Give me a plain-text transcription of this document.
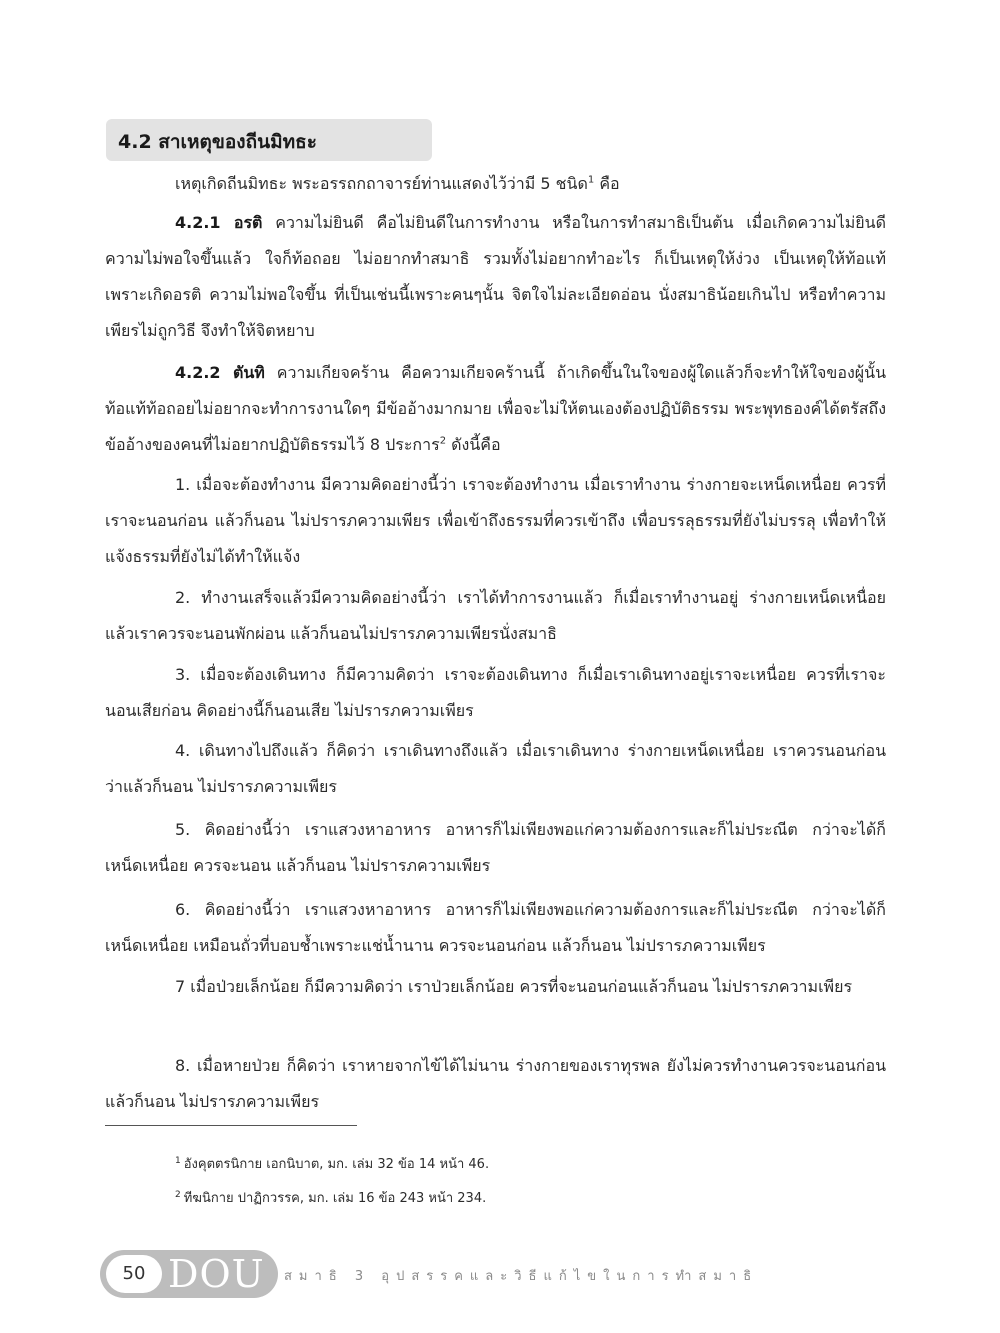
4.2 สาเหตุของถีนมิทธะ

เหตุเกิดถีนมิทธะ พระอรรถกถาจารย์ท่านแสดงไว้ว่ามี 5 ชนิด$^1$ คือ

4.2.1 อรติ ความไม่ยินดี คือไม่ยินดีในการทำงาน หรือในการทำสมาธิเป็นต้น เมื่อเกิดความไม่ยินดี ความไม่พอใจขึ้นแล้ว ใจก็ท้อถอย ไม่อยากทำสมาธิ รวมทั้งไม่อยากทำอะไร ก็เป็นเหตุให้ง่วง เป็นเหตุให้ท้อแท้ เพราะเกิดอรติ ความไม่พอใจขึ้น ที่เป็นเช่นนี้เพราะคนๆนั้น จิตใจไม่ละเอียดอ่อน นั่งสมาธิน้อยเกินไป หรือทำความเพียรไม่ถูกวิธี จึงทำให้จิตหยาบ

4.2.2 ตันทิ ความเกียจคร้าน คือความเกียจคร้านนี้ ถ้าเกิดขึ้นในใจของผู้ใดแล้วก็จะทำให้ใจของผู้นั้นท้อแท้ท้อถอยไม่อยากจะทำการงานใดๆ มีข้ออ้างมากมาย เพื่อจะไม่ให้ตนเองต้องปฏิบัติธรรม พระพุทธองค์ได้ตรัสถึงข้ออ้างของคนที่ไม่อยากปฏิบัติธรรมไว้ 8 ประการ$^2$ ดังนี้คือ

1. เมื่อจะต้องทำงาน มีความคิดอย่างนี้ว่า เราจะต้องทำงาน เมื่อเราทำงาน ร่างกายจะเหน็ดเหนื่อย ควรที่เราจะนอนก่อน แล้วก็นอน ไม่ปรารภความเพียร เพื่อเข้าถึงธรรมที่ควรเข้าถึง เพื่อบรรลุธรรมที่ยังไม่บรรลุ เพื่อทำให้แจ้งธรรมที่ยังไม่ได้ทำให้แจ้ง

2. ทำงานเสร็จแล้วมีความคิดอย่างนี้ว่า เราได้ทำการงานแล้ว ก็เมื่อเราทำงานอยู่ ร่างกายเหน็ดเหนื่อยแล้วเราควรจะนอนพักผ่อน แล้วก็นอนไม่ปรารภความเพียรนั่งสมาธิ

3. เมื่อจะต้องเดินทาง ก็มีความคิดว่า เราจะต้องเดินทาง ก็เมื่อเราเดินทางอยู่เราจะเหนื่อย ควรที่เราจะนอนเสียก่อน คิดอย่างนี้ก็นอนเสีย ไม่ปรารภความเพียร

4. เดินทางไปถึงแล้ว ก็คิดว่า เราเดินทางถึงแล้ว เมื่อเราเดินทาง ร่างกายเหน็ดเหนื่อย เราควรนอนก่อน ว่าแล้วก็นอน ไม่ปรารภความเพียร

5. คิดอย่างนี้ว่า เราแสวงหาอาหาร อาหารก็ไม่เพียงพอแก่ความต้องการและก็ไม่ประณีต กว่าจะได้ก็เหน็ดเหนื่อย ควรจะนอน แล้วก็นอน ไม่ปรารภความเพียร

6. คิดอย่างนี้ว่า เราแสวงหาอาหาร อาหารก็ไม่เพียงพอแก่ความต้องการและก็ไม่ประณีต กว่าจะได้ก็เหน็ดเหนื่อย เหมือนถั่วที่บอบช้ำเพราะแช่น้ำนาน ควรจะนอนก่อน แล้วก็นอน ไม่ปรารภความเพียร

7 เมื่อป่วยเล็กน้อย ก็มีความคิดว่า เราป่วยเล็กน้อย ควรที่จะนอนก่อนแล้วก็นอน ไม่ปรารภความเพียร

8. เมื่อหายป่วย ก็คิดว่า เราหายจากไข้ได้ไม่นาน ร่างกายของเราทุรพล ยังไม่ควรทำงานควรจะนอนก่อน แล้วก็นอน ไม่ปรารภความเพียร

$^1$ อังคุตตรนิกาย เอกนิบาต, มก. เล่ม 32 ข้อ 14 หน้า 46.
$^2$ ทีฆนิกาย ปาฏิกวรรค, มก. เล่ม 16 ข้อ 243 หน้า 234.
50 DOU สมาธิ 3 อุปสรรคและวิธีแก้ไขในการทำสมาธิ
